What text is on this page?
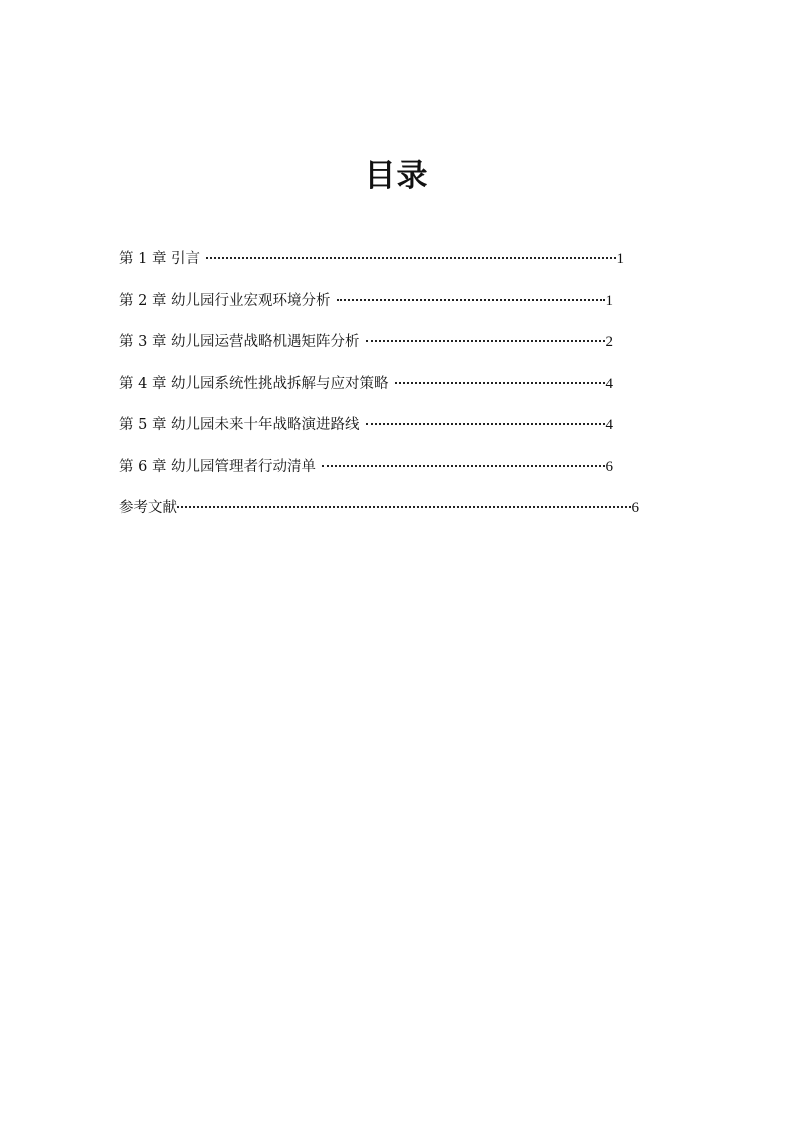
目录
第 1 章 引言	1
第 2 章 幼儿园行业宏观环境分析	1
第 3 章 幼儿园运营战略机遇矩阵分析	2
第 4 章 幼儿园系统性挑战拆解与应对策略	4
第 5 章 幼儿园未来十年战略演进路线	4
第 6 章 幼儿园管理者行动清单	6
参考文献	6
